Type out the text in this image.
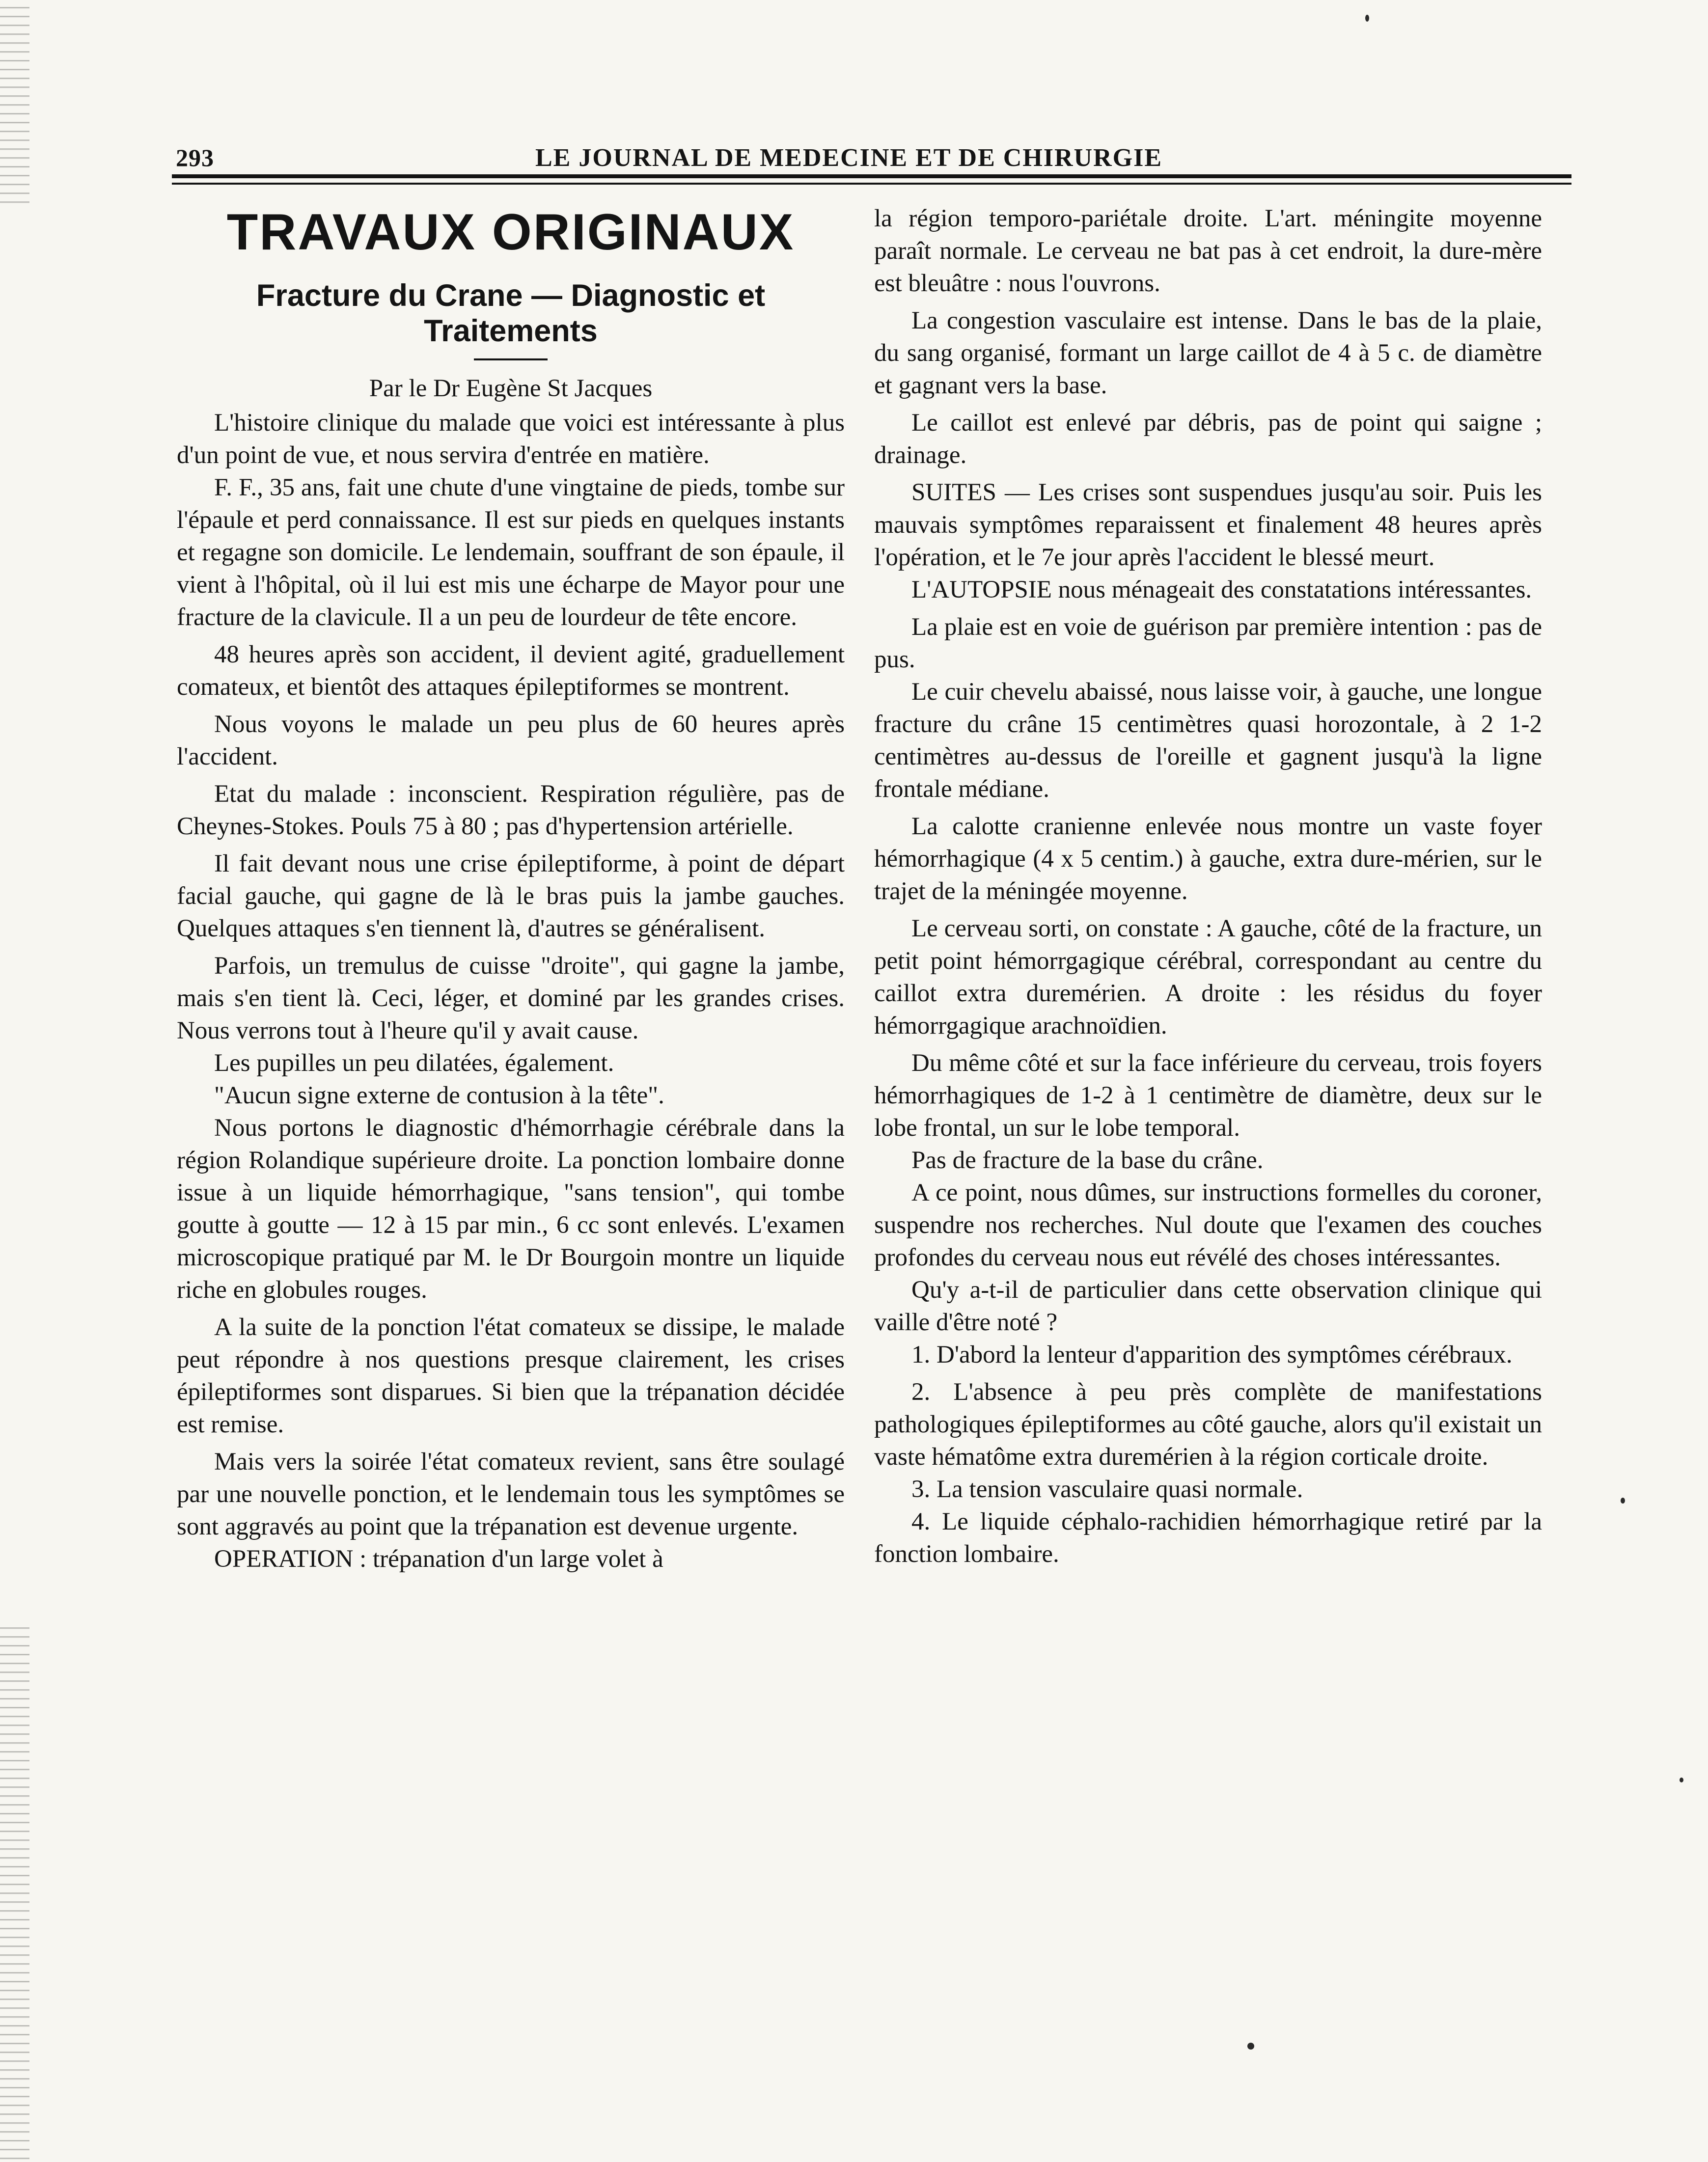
293	LE JOURNAL DE MEDECINE ET DE CHIRURGIE
TRAVAUX ORIGINAUX
Fracture du Crane — Diagnostic et Traitements
Par le Dr Eugène St Jacques

L'histoire clinique du malade que voici est intéressante à plus d'un point de vue, et nous servira d'entrée en matière.

F. F., 35 ans, fait une chute d'une vingtaine de pieds, tombe sur l'épaule et perd connaissance. Il est sur pieds en quelques instants et regagne son domicile. Le lendemain, souffrant de son épaule, il vient à l'hôpital, où il lui est mis une écharpe de Mayor pour une fracture de la clavicule. Il a un peu de lourdeur de tête encore.

48 heures après son accident, il devient agité, graduellement comateux, et bientôt des attaques épileptiformes se montrent.

Nous voyons le malade un peu plus de 60 heures après l'accident.

Etat du malade : inconscient. Respiration régulière, pas de Cheynes-Stokes. Pouls 75 à 80 ; pas d'hypertension artérielle.

Il fait devant nous une crise épileptiforme, à point de départ facial gauche, qui gagne de là le bras puis la jambe gauches. Quelques attaques s'en tiennent là, d'autres se généralisent.

Parfois, un tremulus de cuisse "droite", qui gagne la jambe, mais s'en tient là. Ceci, léger, et dominé par les grandes crises. Nous verrons tout à l'heure qu'il y avait cause.

Les pupilles un peu dilatées, également.

"Aucun signe externe de contusion à la tête".

Nous portons le diagnostic d'hémorrhagie cérébrale dans la région Rolandique supérieure droite. La ponction lombaire donne issue à un liquide hémorrhagique, "sans tension", qui tombe goutte à goutte — 12 à 15 par min., 6 cc sont enlevés. L'examen microscopique pratiqué par M. le Dr Bourgoin montre un liquide riche en globules rouges.

A la suite de la ponction l'état comateux se dissipe, le malade peut répondre à nos questions presque clairement, les crises épileptiformes sont disparues. Si bien que la trépanation décidée est remise.

Mais vers la soirée l'état comateux revient, sans être soulagé par une nouvelle ponction, et le lendemain tous les symptômes se sont aggravés au point que la trépanation est devenue urgente.

OPERATION : trépanation d'un large volet à

la région temporo-pariétale droite. L'art. méningite moyenne paraît normale. Le cerveau ne bat pas à cet endroit, la dure-mère est bleuâtre : nous l'ouvrons.

La congestion vasculaire est intense. Dans le bas de la plaie, du sang organisé, formant un large caillot de 4 à 5 c. de diamètre et gagnant vers la base.

Le caillot est enlevé par débris, pas de point qui saigne ; drainage.

SUITES — Les crises sont suspendues jusqu'au soir. Puis les mauvais symptômes reparaissent et finalement 48 heures après l'opération, et le 7e jour après l'accident le blessé meurt.

L'AUTOPSIE nous ménageait des constatations intéressantes.

La plaie est en voie de guérison par première intention : pas de pus.

Le cuir chevelu abaissé, nous laisse voir, à gauche, une longue fracture du crâne 15 centimètres quasi horozontale, à 2 1-2 centimètres au-dessus de l'oreille et gagnent jusqu'à la ligne frontale médiane.

La calotte cranienne enlevée nous montre un vaste foyer hémorrhagique (4 x 5 centim.) à gauche, extra dure-mérien, sur le trajet de la méningée moyenne.

Le cerveau sorti, on constate : A gauche, côté de la fracture, un petit point hémorrgagique cérébral, correspondant au centre du caillot extra duremérien. A droite : les résidus du foyer hémorrgagique arachnoïdien.

Du même côté et sur la face inférieure du cerveau, trois foyers hémorrhagiques de 1-2 à 1 centimètre de diamètre, deux sur le lobe frontal, un sur le lobe temporal.

Pas de fracture de la base du crâne.

A ce point, nous dûmes, sur instructions formelles du coroner, suspendre nos recherches. Nul doute que l'examen des couches profondes du cerveau nous eut révélé des choses intéressantes.

Qu'y a-t-il de particulier dans cette observation clinique qui vaille d'être noté ?

1. D'abord la lenteur d'apparition des symptômes cérébraux.

2. L'absence à peu près complète de manifestations pathologiques épileptiformes au côté gauche, alors qu'il existait un vaste hématôme extra duremérien à la région corticale droite.

3. La tension vasculaire quasi normale.

4. Le liquide céphalo-rachidien hémorrhagique retiré par la fonction lombaire.
